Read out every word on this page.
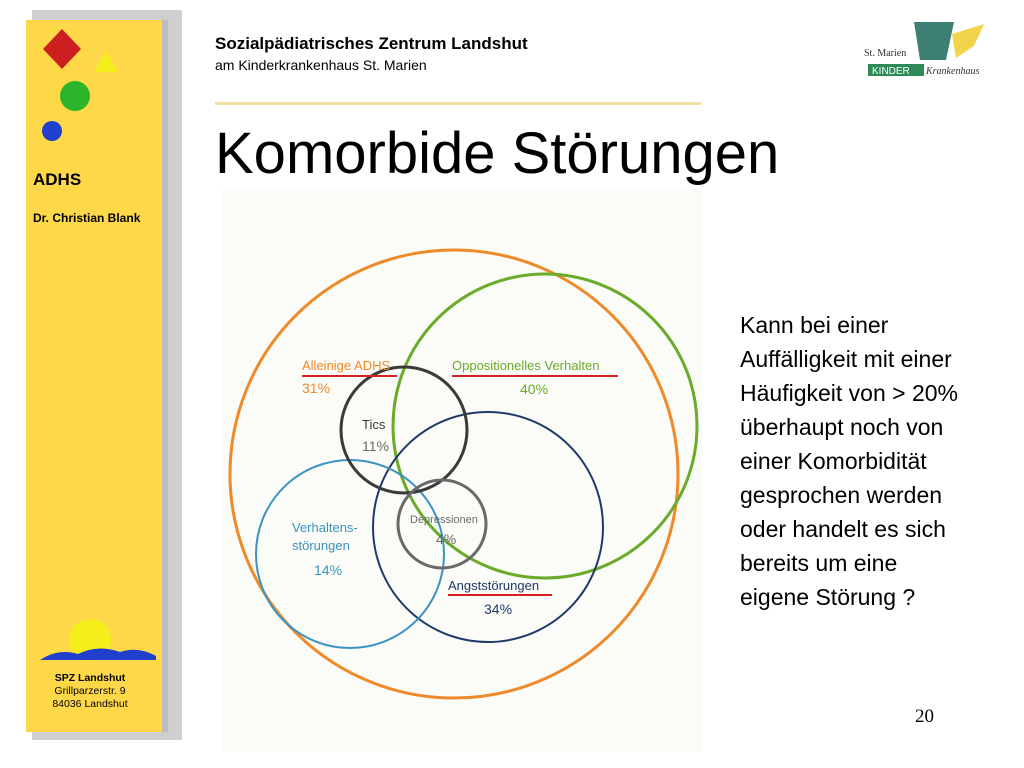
ADHS
Dr. Christian Blank
SPZ Landshut
Grillparzerstr. 9
84036 Landshut
Sozialpädiatrisches Zentrum Landshut
am Kinderkrankenhaus St. Marien
St. Marien
KINDER Krankenhaus
Komorbide Störungen
Alleinige ADHS
31%
Oppositionelles Verhalten
40%
Tics
11%
Verhaltens-
störungen
14%
Depressionen
4%
Angststörungen
34%
Kann bei einer
Auffälligkeit mit einer
Häufigkeit von > 20%
überhaupt noch von
einer Komorbidität
gesprochen werden
oder handelt es sich
bereits um eine
eigene Störung ?
20
